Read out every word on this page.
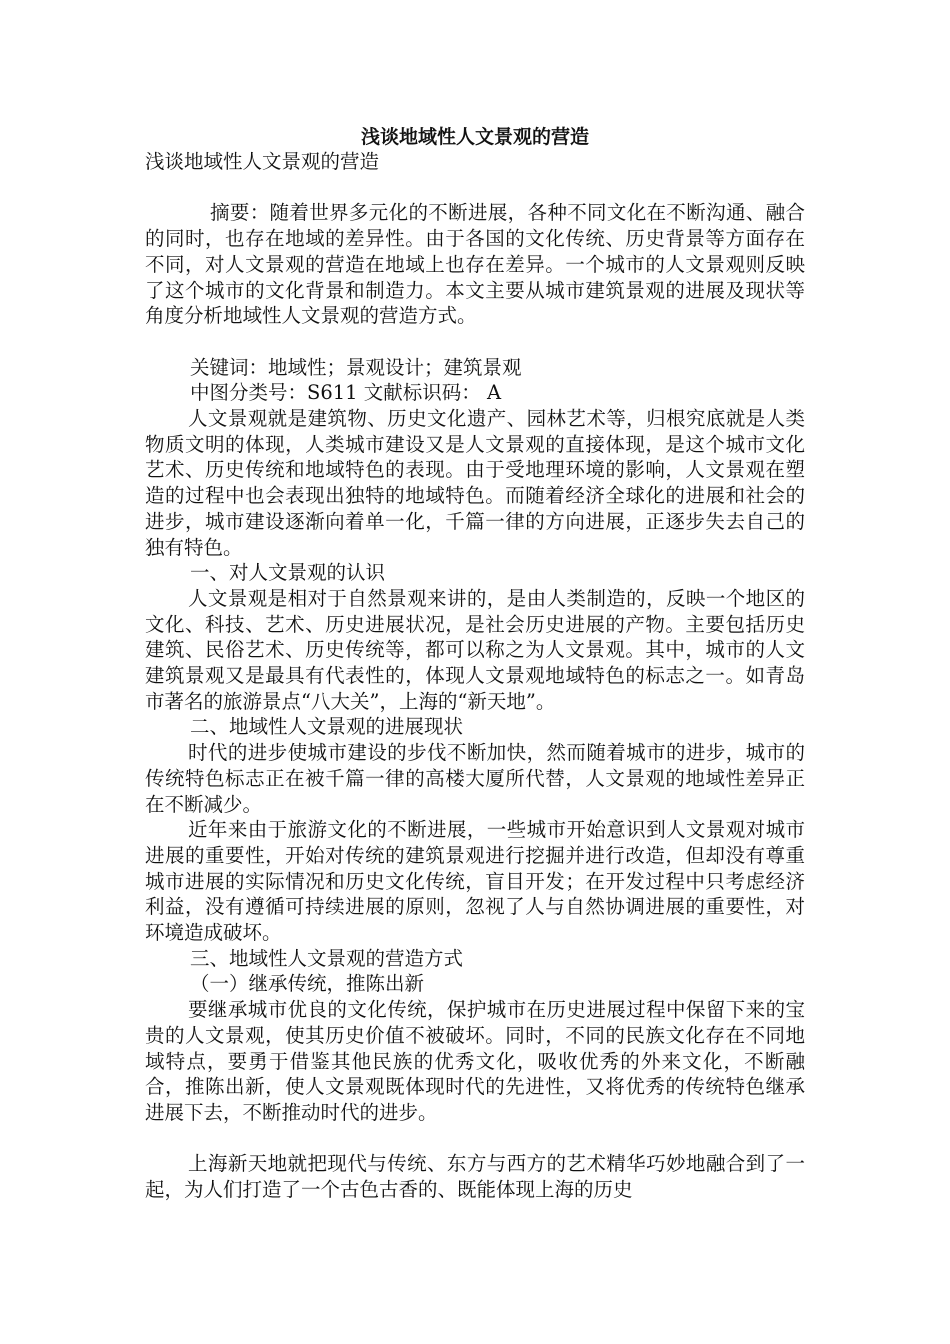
浅谈地域性人文景观的营造

浅谈地域性人文景观的营造

摘要：随着世界多元化的不断进展，各种不同文化在不断沟通、融合的同时，也存在地域的差异性。由于各国的文化传统、历史背景等方面存在不同，对人文景观的营造在地域上也存在差异。一个城市的人文景观则反映了这个城市的文化背景和制造力。本文主要从城市建筑景观的进展及现状等角度分析地域性人文景观的营造方式。

关键词：地域性；景观设计；建筑景观

中图分类号：S611 文献标识码： A

人文景观就是建筑物、历史文化遗产、园林艺术等，归根究底就是人类物质文明的体现，人类城市建设又是人文景观的直接体现，是这个城市文化艺术、历史传统和地域特色的表现。由于受地理环境的影响，人文景观在塑造的过程中也会表现出独特的地域特色。而随着经济全球化的进展和社会的进步，城市建设逐渐向着单一化，千篇一律的方向进展，正逐步失去自己的独有特色。

一、对人文景观的认识

人文景观是相对于自然景观来讲的，是由人类制造的，反映一个地区的文化、科技、艺术、历史进展状况，是社会历史进展的产物。主要包括历史建筑、民俗艺术、历史传统等，都可以称之为人文景观。其中，城市的人文建筑景观又是最具有代表性的，体现人文景观地域特色的标志之一。如青岛市著名的旅游景点“八大关”，上海的“新天地”。

二、地域性人文景观的进展现状

时代的进步使城市建设的步伐不断加快，然而随着城市的进步，城市的传统特色标志正在被千篇一律的高楼大厦所代替，人文景观的地域性差异正在不断减少。

近年来由于旅游文化的不断进展，一些城市开始意识到人文景观对城市进展的重要性，开始对传统的建筑景观进行挖掘并进行改造，但却没有尊重城市进展的实际情况和历史文化传统，盲目开发；在开发过程中只考虑经济利益，没有遵循可持续进展的原则，忽视了人与自然协调进展的重要性，对环境造成破坏。

三、地域性人文景观的营造方式

（一）继承传统，推陈出新

要继承城市优良的文化传统，保护城市在历史进展过程中保留下来的宝贵的人文景观，使其历史价值不被破坏。同时，不同的民族文化存在不同地域特点，要勇于借鉴其他民族的优秀文化，吸收优秀的外来文化，不断融合，推陈出新，使人文景观既体现时代的先进性，又将优秀的传统特色继承进展下去，不断推动时代的进步。

上海新天地就把现代与传统、东方与西方的艺术精华巧妙地融合到了一起，为人们打造了一个古色古香的、既能体现上海的历史
